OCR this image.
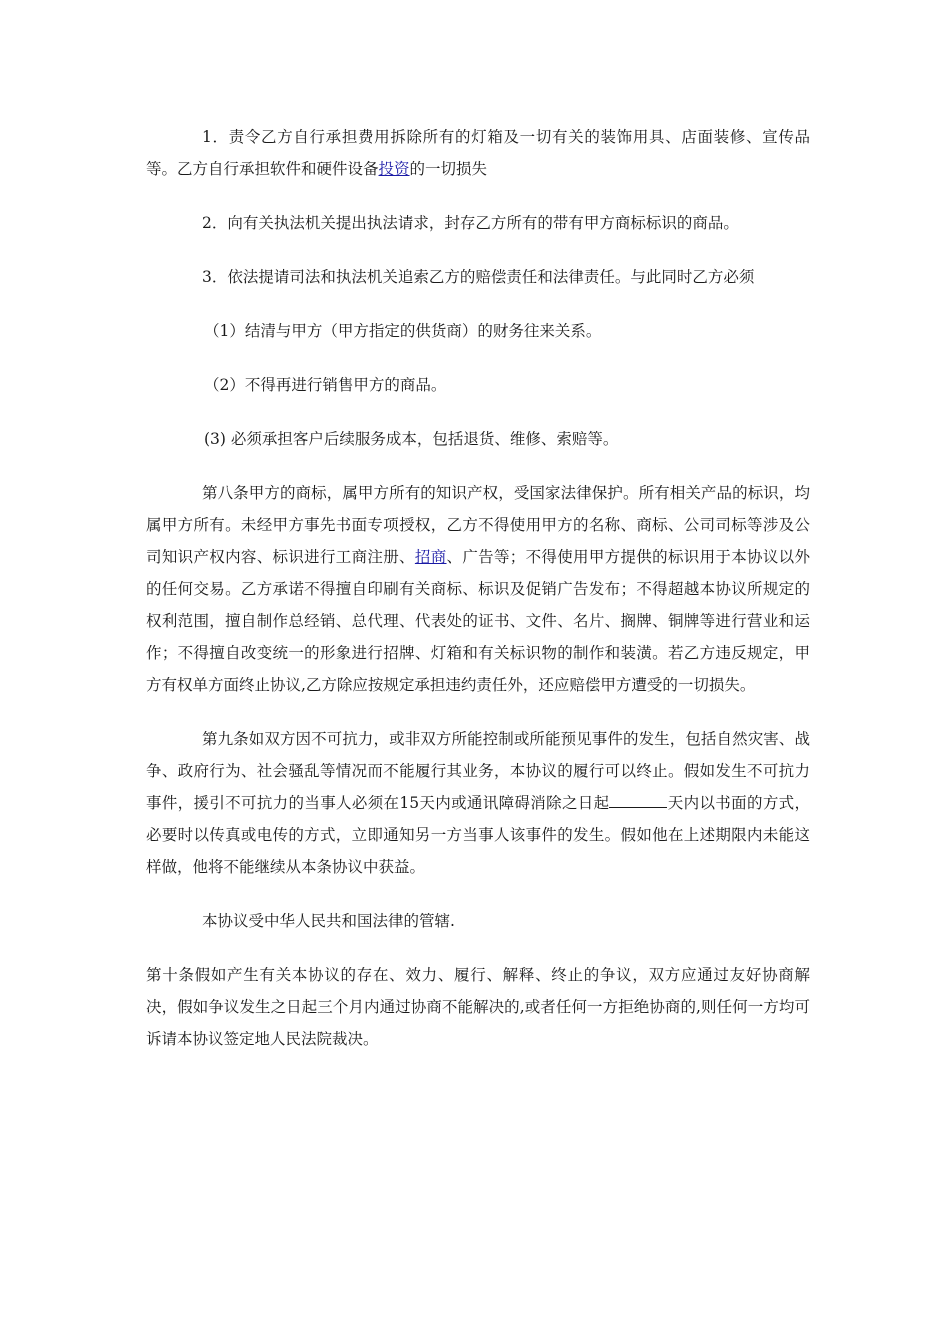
1．责令乙方自行承担费用拆除所有的灯箱及一切有关的装饰用具、店面装修、宣传品等。乙方自行承担软件和硬件设备投资的一切损失

2．向有关执法机关提出执法请求，封存乙方所有的带有甲方商标标识的商品。

3．依法提请司法和执法机关追索乙方的赔偿责任和法律责任。与此同时乙方必须

（1）结清与甲方（甲方指定的供货商）的财务往来关系。

（2）不得再进行销售甲方的商品。

(3) 必须承担客户后续服务成本，包括退货、维修、索赔等。

第八条甲方的商标，属甲方所有的知识产权，受国家法律保护。所有相关产品的标识，均属甲方所有。未经甲方事先书面专项授权，乙方不得使用甲方的名称、商标、公司司标等涉及公司知识产权内容、标识进行工商注册、招商、广告等；不得使用甲方提供的标识用于本协议以外的任何交易。乙方承诺不得擅自印刷有关商标、标识及促销广告发布；不得超越本协议所规定的权利范围，擅自制作总经销、总代理、代表处的证书、文件、名片、搁牌、铜牌等进行营业和运作；不得擅自改变统一的形象进行招牌、灯箱和有关标识物的制作和装潢。若乙方违反规定，甲方有权单方面终止协议,乙方除应按规定承担违约责任外，还应赔偿甲方遭受的一切损失。

第九条如双方因不可抗力，或非双方所能控制或所能预见事件的发生，包括自然灾害、战争、政府行为、社会骚乱等情况而不能履行其业务，本协议的履行可以终止。假如发生不可抗力事件，援引不可抗力的当事人必须在15天内或通讯障碍消除之日起	天内以书面的方式，必要时以传真或电传的方式，立即通知另一方当事人该事件的发生。假如他在上述期限内未能这样做，他将不能继续从本条协议中获益。

本协议受中华人民共和国法律的管辖.

第十条假如产生有关本协议的存在、效力、履行、解释、终止的争议，双方应通过友好协商解决，假如争议发生之日起三个月内通过协商不能解决的,或者任何一方拒绝协商的,则任何一方均可诉请本协议签定地人民法院裁决。
